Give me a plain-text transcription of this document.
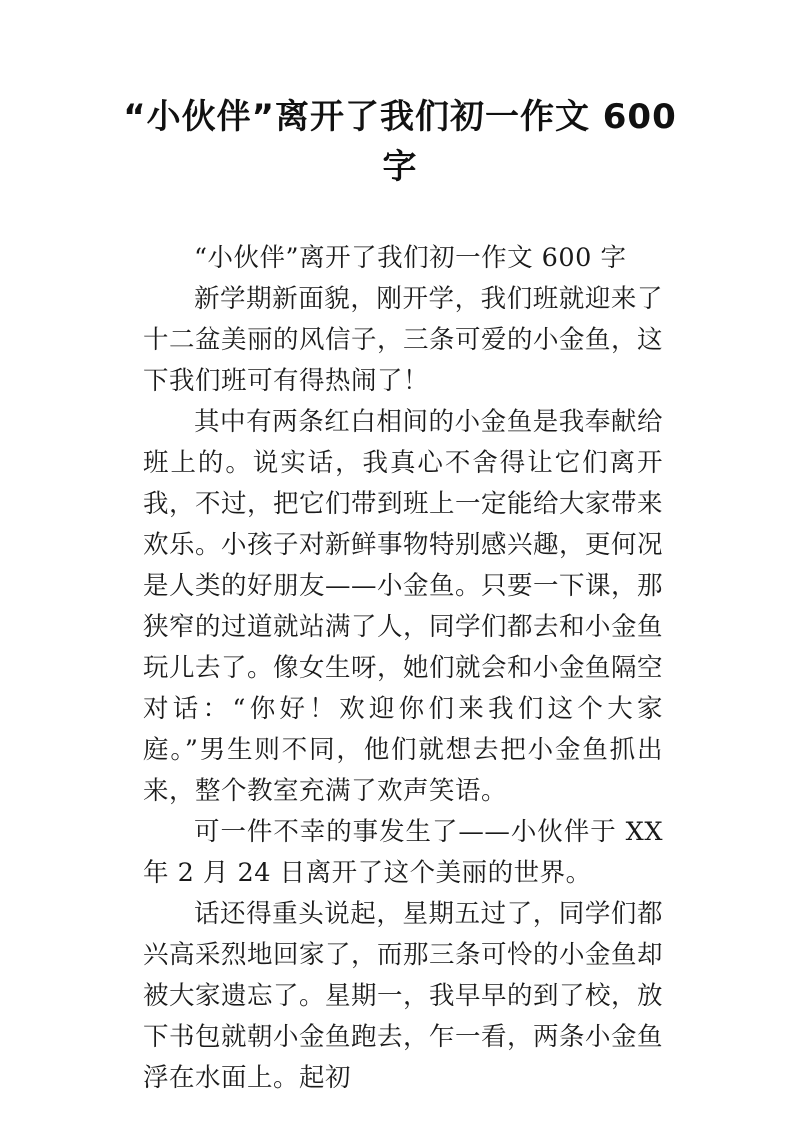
“小伙伴”离开了我们初一作文 600字

“小伙伴”离开了我们初一作文 600 字

新学期新面貌，刚开学，我们班就迎来了十二盆美丽的风信子，三条可爱的小金鱼，这下我们班可有得热闹了！

其中有两条红白相间的小金鱼是我奉献给班上的。说实话，我真心不舍得让它们离开我，不过，把它们带到班上一定能给大家带来欢乐。小孩子对新鲜事物特别感兴趣，更何况是人类的好朋友——小金鱼。只要一下课，那狭窄的过道就站满了人，同学们都去和小金鱼玩儿去了。像女生呀，她们就会和小金鱼隔空对话：“你好！欢迎你们来我们这个大家庭。”男生则不同，他们就想去把小金鱼抓出来，整个教室充满了欢声笑语。

可一件不幸的事发生了——小伙伴于 XX 年 2 月 24 日离开了这个美丽的世界。

话还得重头说起，星期五过了，同学们都兴高采烈地回家了，而那三条可怜的小金鱼却被大家遗忘了。星期一，我早早的到了校，放下书包就朝小金鱼跑去，乍一看，两条小金鱼浮在水面上。起初
